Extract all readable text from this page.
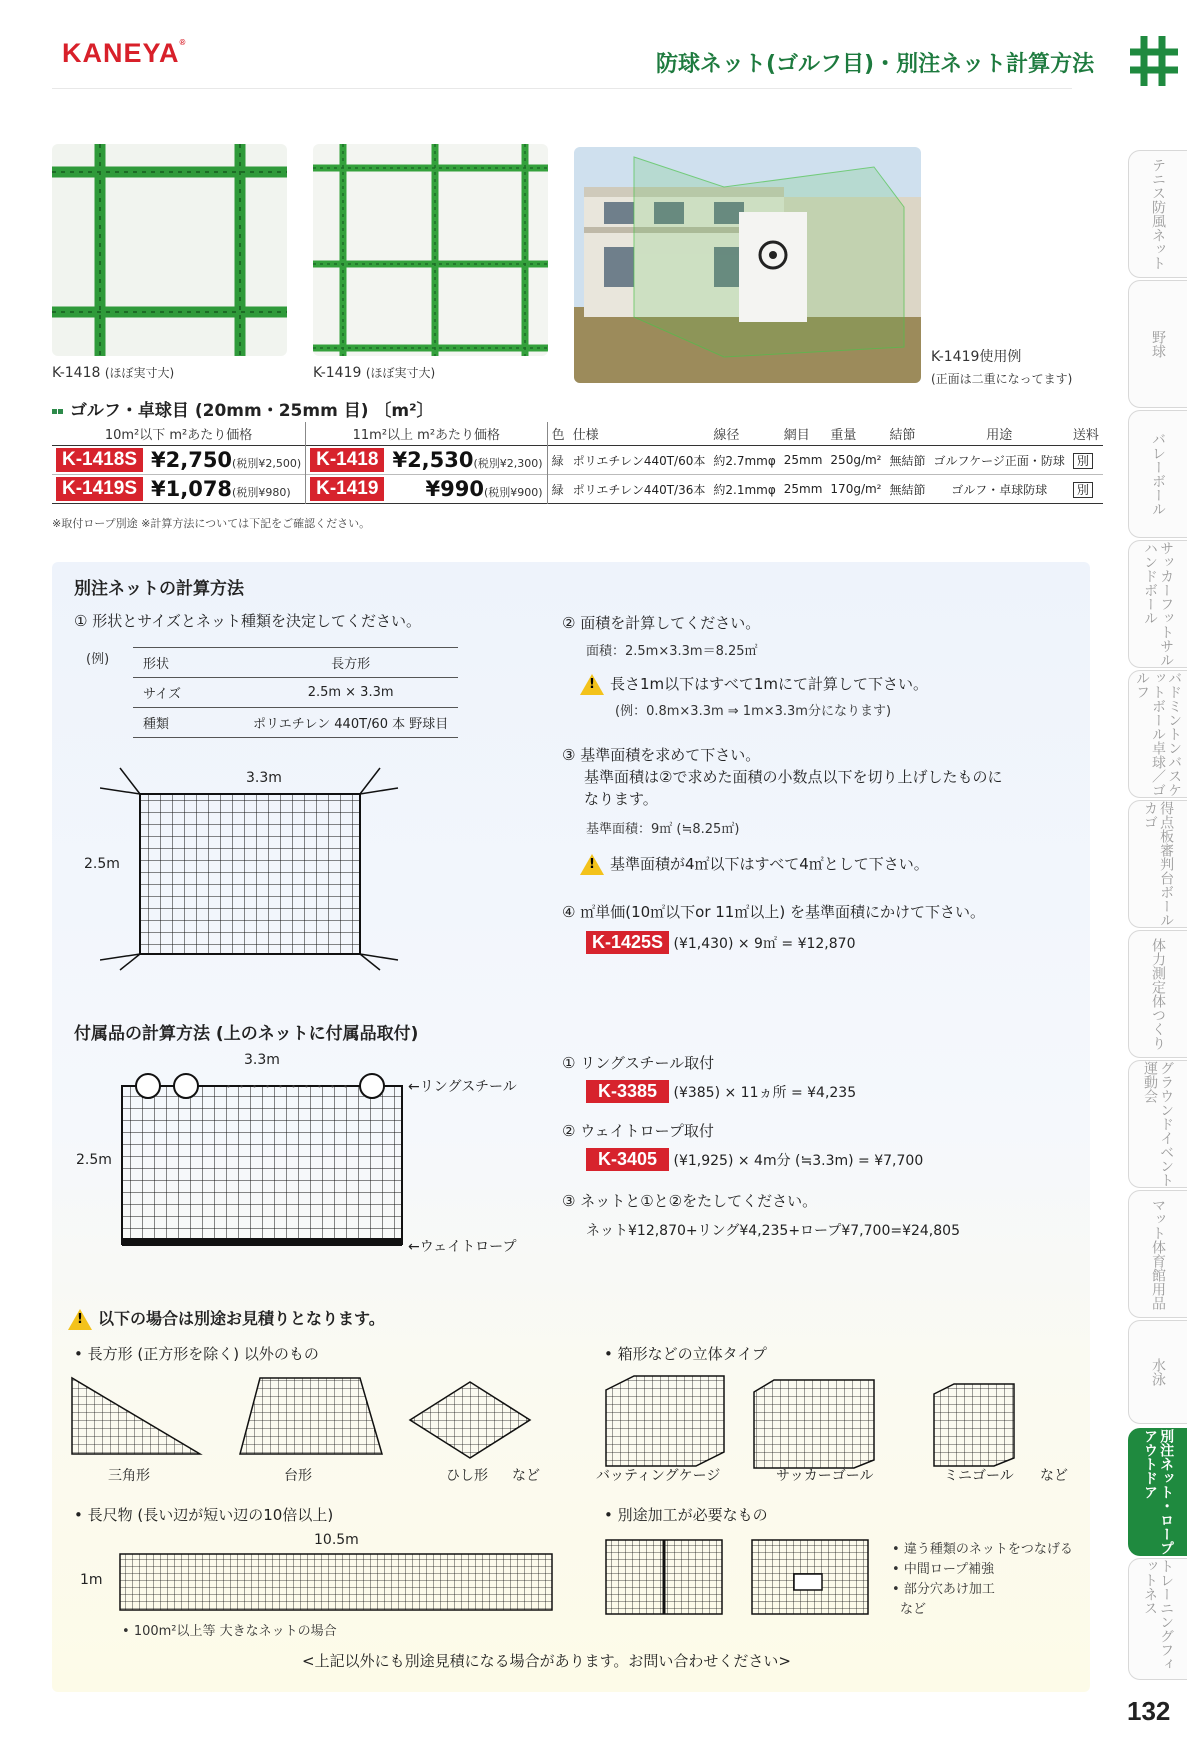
KANEYA®
防球ネット(ゴルフ目)・別注ネット計算方法
テニス防風ネット
野球
バレーボール
サッカーフットサルハンドボール
バドミントンバスケットボール卓球／ゴルフ
得点板審判台ボールカゴ
体力測定体つくり
グラウンドイベント運動会
マット体育館用品
水泳
別注ネット・ロープアウトドア
トレーニングフィットネス
132
K-1418 (ほぼ実寸大)	K-1419 (ほぼ実寸大)
K-1419使用例
(正面は二重になってます)
ゴルフ・卓球目 (20mm・25mm 目) 〔m²〕
10m²以下 m²あたり価格		11m²以上 m²あたり価格		色	仕様	線径	網目	重量	結節	用途	送料
K-1418S	¥2,750(税別¥2,500)	K-1418	¥2,530(税別¥2,300)	緑	ポリエチレン440T/60本	約2.7mmφ	25mm	250g/m²	無結節	ゴルフケージ正面・防球	別
K-1419S	¥1,078(税別¥980)	K-1419	¥990(税別¥900)	緑	ポリエチレン440T/36本	約2.1mmφ	25mm	170g/m²	無結節	ゴルフ・卓球防球	別
※取付ロープ別途 ※計算方法については下記をご確認ください。
別注ネットの計算方法
① 形状とサイズとネット種類を決定してください。
(例)	形状	長方形
サイズ	2.5m × 3.3m
種類	ポリエチレン 440T/60 本 野球目
3.3m
2.5m
② 面積を計算してください。
面積：2.5m×3.3m＝8.25㎡
!長さ1m以下はすべて1mにて計算して下さい。
(例：0.8m×3.3m ⇒ 1m×3.3m分になります)
③ 基準面積を求めて下さい。
基準面積は②で求めた面積の小数点以下を切り上げしたものに
なります。
基準面積：9㎡ (≒8.25㎡)
!基準面積が4㎡以下はすべて4㎡として下さい。
④ ㎡単価(10㎡以下or 11㎡以上) を基準面積にかけて下さい。
K-1425S (¥1,430) × 9㎡ = ¥12,870
付属品の計算方法 (上のネットに付属品取付)
3.3m
2.5m
・・・・・・・・・・	←リングスチール
←ウェイトロープ
① リングスチール取付
K-3385 (¥385) × 11ヵ所 = ¥4,235
② ウェイトロープ取付
K-3405 (¥1,925) × 4m分 (≒3.3m) = ¥7,700
③ ネットと①と②をたしてください。
ネット¥12,870+リング¥4,235+ロープ¥7,700=¥24,805
!以下の場合は別途お見積りとなります。
• 長方形 (正方形を除く) 以外のもの
三角形	台形	ひし形 など
• 箱形などの立体タイプ
バッティングケージ	サッカーゴール	ミニゴール など
• 長尺物 (長い辺が短い辺の10倍以上)
10.5m
1m
• 100m²以上等 大きなネットの場合
• 別途加工が必要なもの
• 違う種類のネットをつなげる
• 中間ロープ補強
• 部分穴あけ加工
など
<上記以外にも別途見積になる場合があります。お問い合わせください>
